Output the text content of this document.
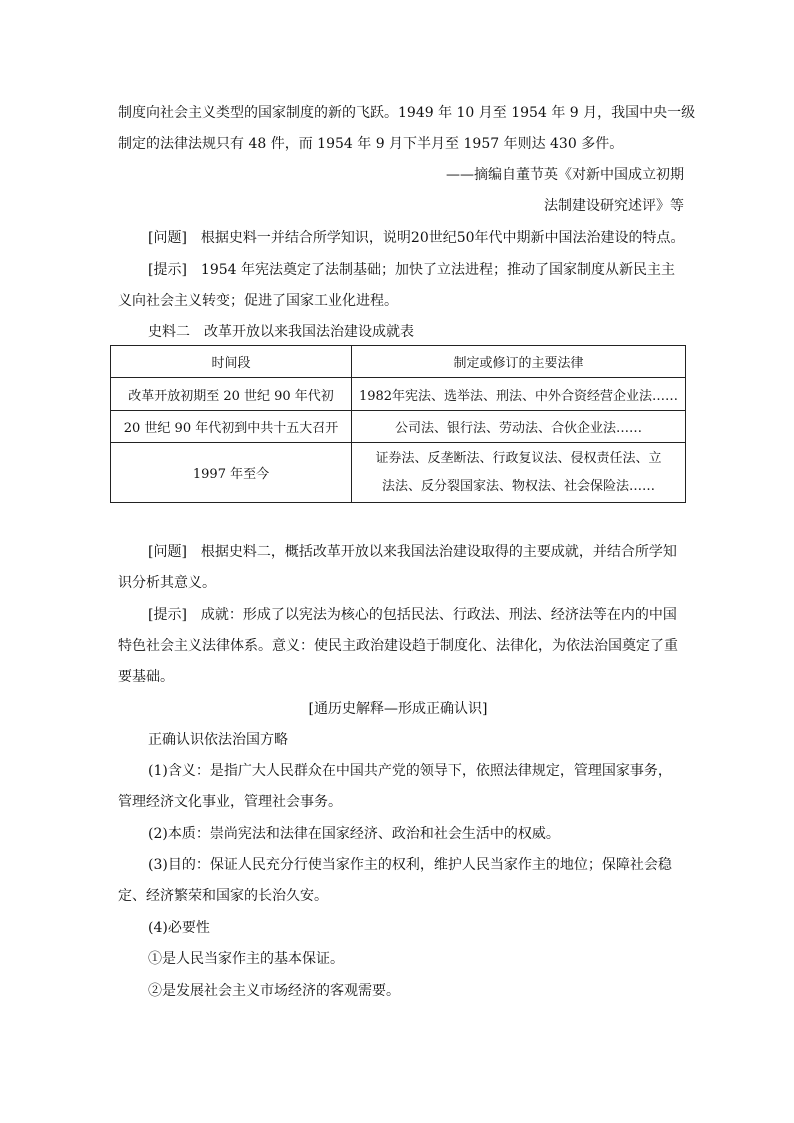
制度向社会主义类型的国家制度的新的飞跃。1949 年 10 月至 1954 年 9 月，我国中央一级
制定的法律法规只有 48 件，而 1954 年 9 月下半月至 1957 年则达 430 多件。
——摘编自董节英《对新中国成立初期
法制建设研究述评》等
[问题]　根据史料一并结合所学知识，说明20世纪50年代中期新中国法治建设的特点。
[提示]　1954 年宪法奠定了法制基础；加快了立法进程；推动了国家制度从新民主主
义向社会主义转变；促进了国家工业化进程。
史料二　改革开放以来我国法治建设成就表
时间段	制定或修订的主要法律
改革开放初期至 20 世纪 90 年代初	1982年宪法、选举法、刑法、中外合资经营企业法……
20 世纪 90 年代初到中共十五大召开	公司法、银行法、劳动法、合伙企业法……
1997 年至今	证券法、反垄断法、行政复议法、侵权责任法、立
法法、反分裂国家法、物权法、社会保险法……
[问题]　根据史料二，概括改革开放以来我国法治建设取得的主要成就，并结合所学知
识分析其意义。
[提示]　成就：形成了以宪法为核心的包括民法、行政法、刑法、经济法等在内的中国
特色社会主义法律体系。意义：使民主政治建设趋于制度化、法律化，为依法治国奠定了重
要基础。
[通历史解释—形成正确认识]
正确认识依法治国方略
(1)含义：是指广大人民群众在中国共产党的领导下，依照法律规定，管理国家事务，
管理经济文化事业，管理社会事务。
(2)本质：崇尚宪法和法律在国家经济、政治和社会生活中的权威。
(3)目的：保证人民充分行使当家作主的权利，维护人民当家作主的地位；保障社会稳
定、经济繁荣和国家的长治久安。
(4)必要性
①是人民当家作主的基本保证。
②是发展社会主义市场经济的客观需要。
